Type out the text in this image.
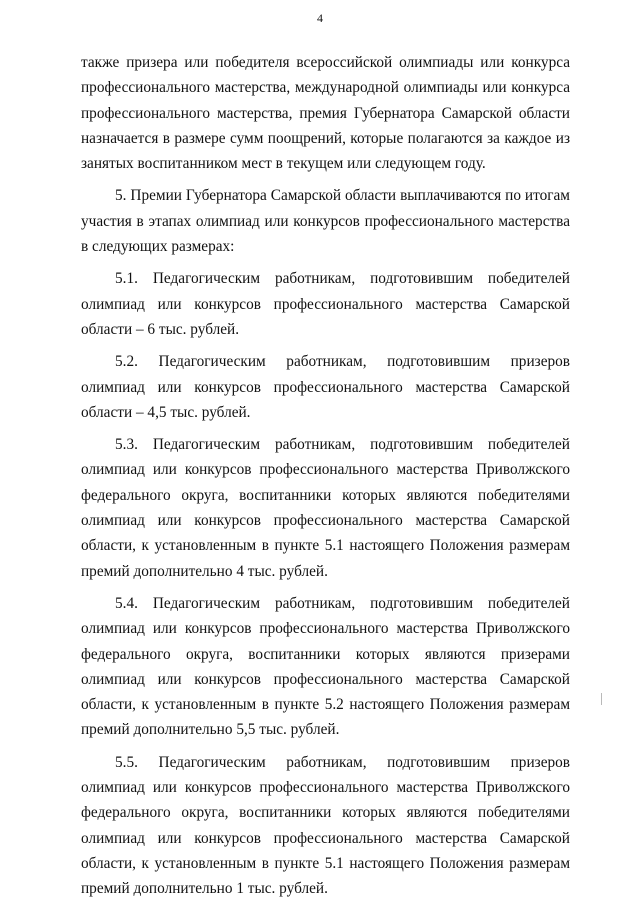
4

также призера или победителя всероссийской олимпиады или конкурса профессионального мастерства, международной олимпиады или конкурса профессионального мастерства, премия Губернатора Самарской области назначается в размере сумм поощрений, которые полагаются за каждое из занятых воспитанником мест в текущем или следующем году.

5. Премии Губернатора Самарской области выплачиваются по итогам участия в этапах олимпиад или конкурсов профессионального мастерства в следующих размерах:

5.1. Педагогическим работникам, подготовившим победителей олимпиад или конкурсов профессионального мастерства Самарской области – 6 тыс. рублей.

5.2. Педагогическим работникам, подготовившим призеров олимпиад или конкурсов профессионального мастерства Самарской области – 4,5 тыс. рублей.

5.3. Педагогическим работникам, подготовившим победителей олимпиад или конкурсов профессионального мастерства Приволжского федерального округа, воспитанники которых являются победителями олимпиад или конкурсов профессионального мастерства Самарской области, к установленным в пункте 5.1 настоящего Положения размерам премий дополнительно 4 тыс. рублей.

5.4. Педагогическим работникам, подготовившим победителей олимпиад или конкурсов профессионального мастерства Приволжского федерального округа, воспитанники которых являются призерами олимпиад или конкурсов профессионального мастерства Самарской области, к установленным в пункте 5.2 настоящего Положения размерам премий дополнительно 5,5 тыс. рублей.

5.5. Педагогическим работникам, подготовившим призеров олимпиад или конкурсов профессионального мастерства Приволжского федерального округа, воспитанники которых являются победителями олимпиад или конкурсов профессионального мастерства Самарской области, к установленным в пункте 5.1 настоящего Положения размерам премий дополнительно 1 тыс. рублей.
